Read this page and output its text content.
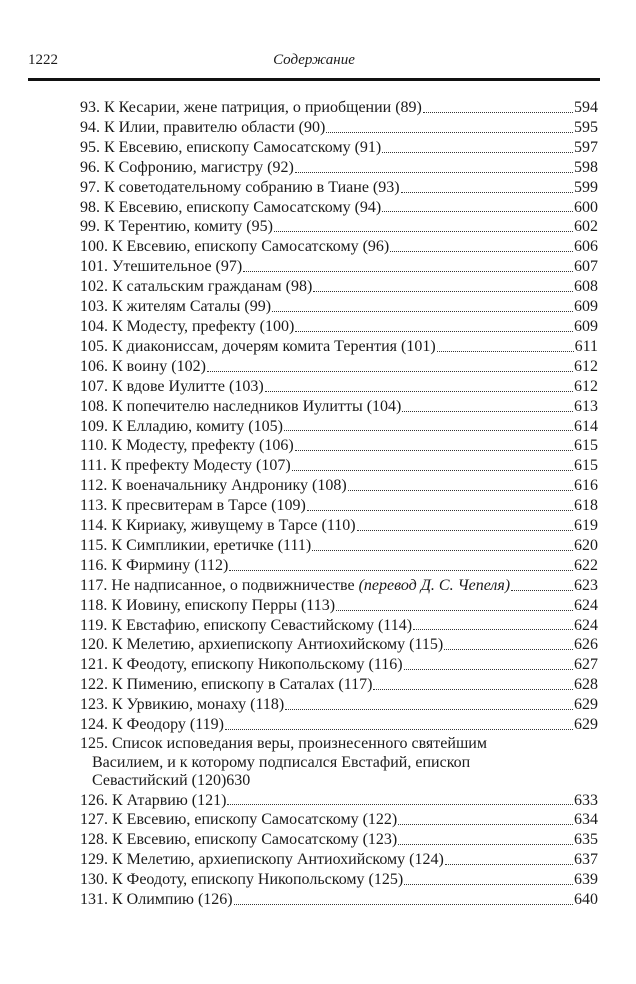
1222	Содержание
93.
К Кесарии, жене патриция, о приобщении (89)	594
94.
К Илии, правителю области (90)	595
95.
К Евсевию, епископу Самосатскому (91)	597
96.
К Софронию, магистру (92)	598
97.
К советодательному собранию в Тиане (93)	599
98.
К Евсевию, епископу Самосатскому (94)	600
99.
К Терентию, комиту (95)	602
100.
К Евсевию, епископу Самосатскому (96)	606
101.
Утешительное (97)	607
102.
К сатальским гражданам (98)	608
103.
К жителям Саталы (99)	609
104.
К Модесту, префекту (100)	609
105.
К диакониссам, дочерям комита Терентия (101)	611
106.
К воину (102)	612
107.
К вдове Иулитте (103)	612
108.
К попечителю наследников Иулитты (104)	613
109.
К Елладию, комиту (105)	614
110.
К Модесту, префекту (106)	615
111.
К префекту Модесту (107)	615
112.
К военачальнику Андронику (108)	616
113.
К пресвитерам в Тарсе (109)	618
114.
К Кириаку, живущему в Тарсе (110)	619
115.
К Симпликии, еретичке (111)	620
116.
К Фирмину (112)	622
117.
Не надписанное, о подвижничестве
(перевод Д. С. Чепеля)	623
118.
К Иовину, епископу Перры (113)	624
119.
К Евстафию, епископу Севастийскому (114)	624
120.
К Мелетию, архиепископу Антиохийскому (115)	626
121.
К Феодоту, епископу Никопольскому (116)	627
122.
К Пимению, епископу в Саталах (117)	628
123.
К Урвикию, монаху (118)	629
124.
К Феодору (119)	629
125. Список исповедания веры, произнесенного святейшим
Василием, и к которому подписался Евстафий, епископ
Севастийский (120) 630
126.
К Атарвию (121)	633
127.
К Евсевию, епископу Самосатскому (122)	634
128.
К Евсевию, епископу Самосатскому (123)	635
129.
К Мелетию, архиепископу Антиохийскому (124)	637
130.
К Феодоту, епископу Никопольскому (125)	639
131.
К Олимпию (126)	640
